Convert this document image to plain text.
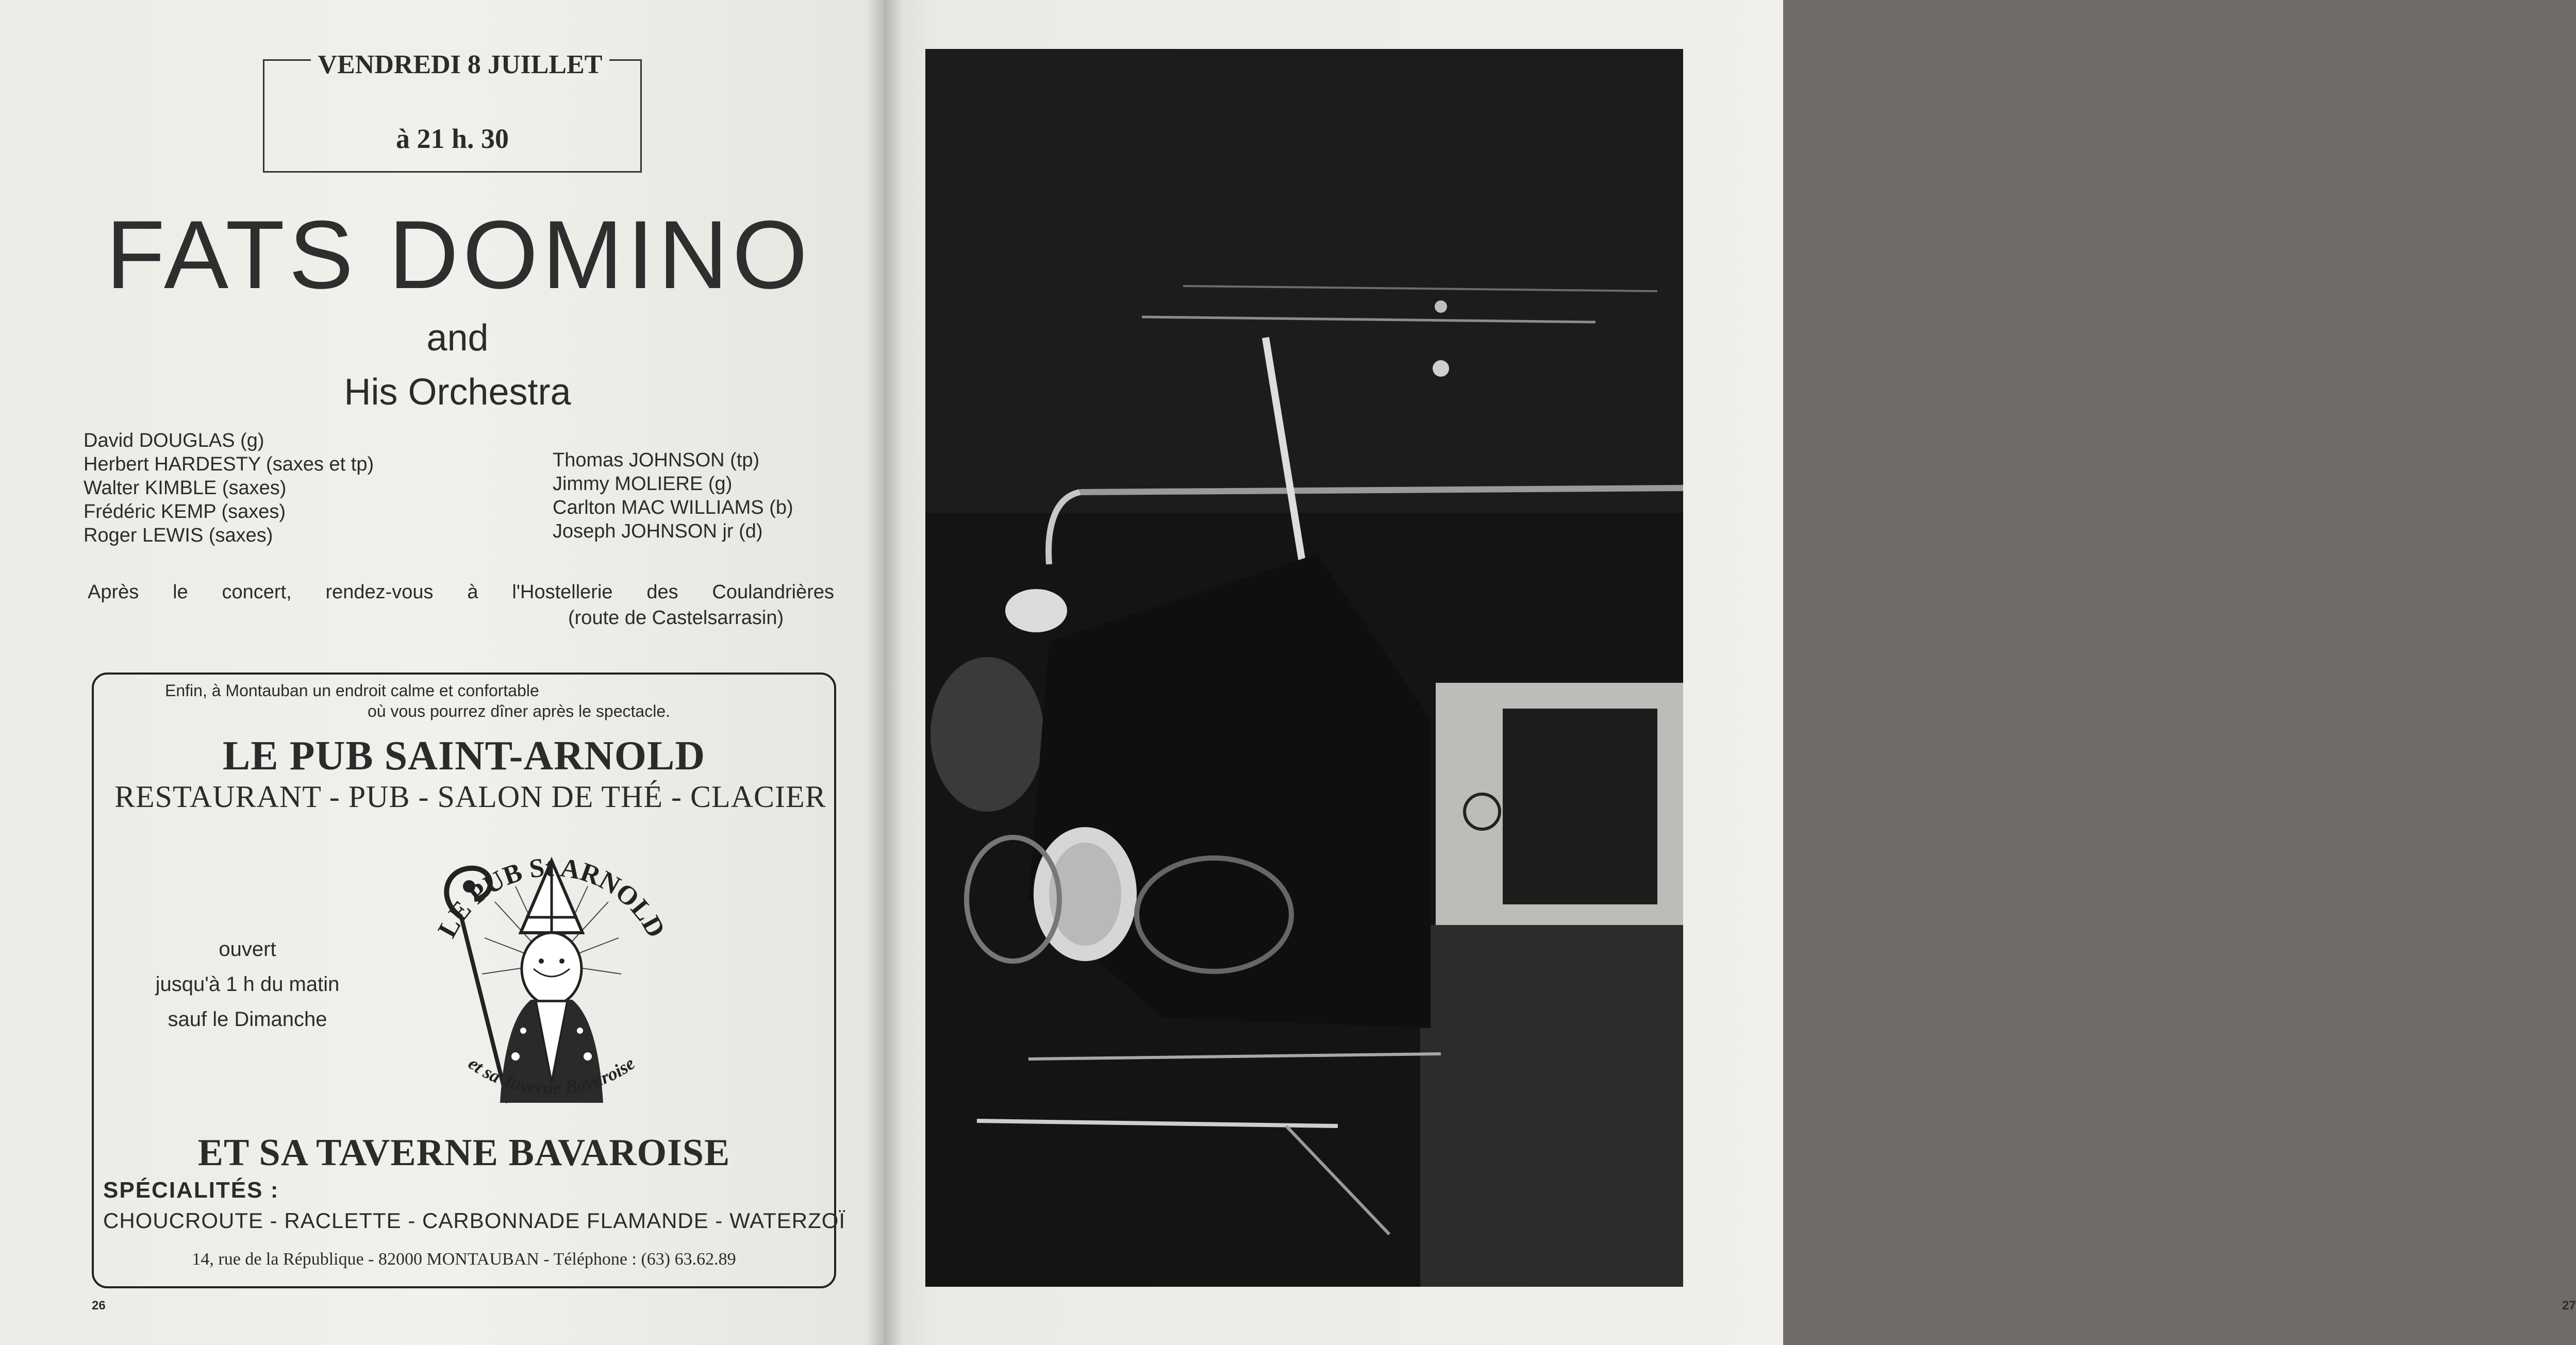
VENDREDI 8 JUILLET
à 21 h. 30
FATS DOMINO
and
His Orchestra
David DOUGLAS (g)
Herbert HARDESTY (saxes et tp)
Walter KIMBLE (saxes)
Frédéric KEMP (saxes)
Roger LEWIS (saxes)
Thomas JOHNSON (tp)
Jimmy MOLIERE (g)
Carlton MAC WILLIAMS (b)
Joseph JOHNSON jr (d)
Après le concert, rendez-vous à l'Hostellerie des Coulandrières
(route de Castelsarrasin)
Enfin, à Montauban un endroit calme et confortable
où vous pourrez dîner après le spectacle.
LE PUB SAINT-ARNOLD
RESTAURANT - PUB - SALON DE THÉ - CLACIER
ouvert
jusqu'à 1 h du matin
sauf le Dimanche
LE PUB St ARNOLD
et sa Taverne Bavaroise
ET SA TAVERNE BAVAROISE
SPÉCIALITÉS :
CHOUCROUTE - RACLETTE - CARBONNADE FLAMANDE - WATERZOÏ
14, rue de la République - 82000 MONTAUBAN - Téléphone : (63) 63.62.89
26	27
